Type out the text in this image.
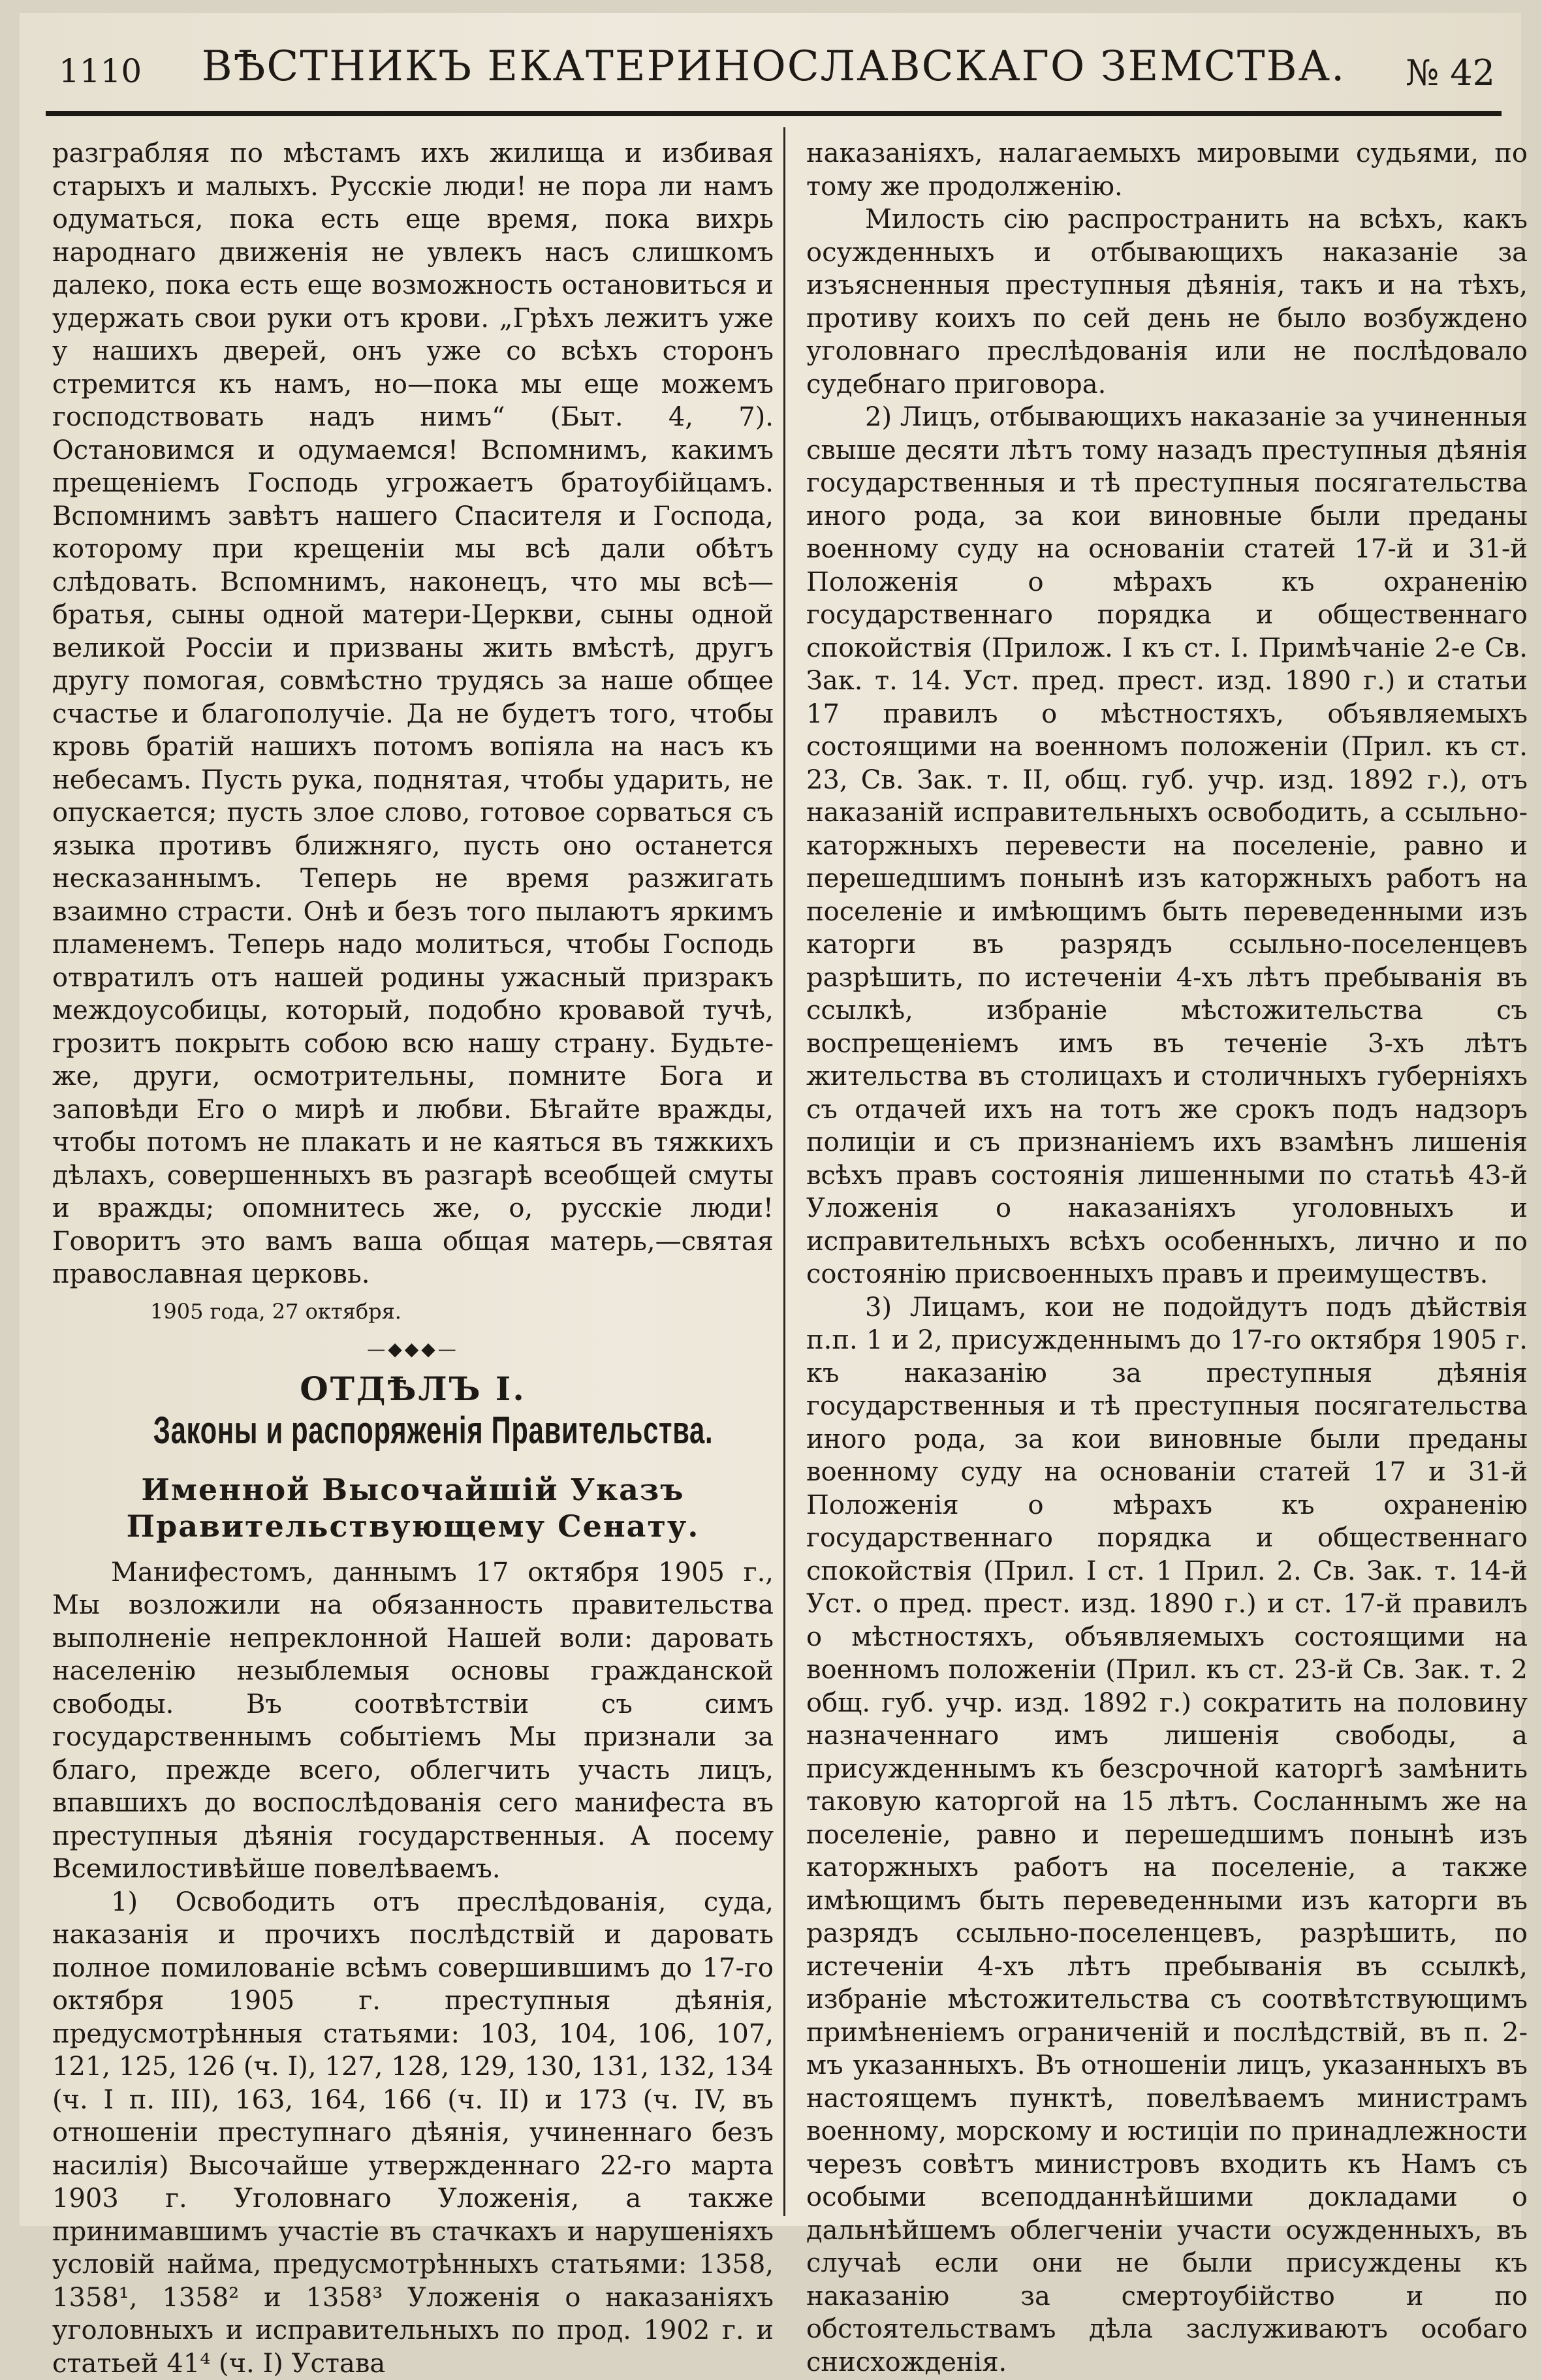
1110	ВѢСТНИКЪ ЕКАТЕРИНОСЛАВСКАГО ЗЕМСТВА.	№ 42

разграбляя по мѣстамъ ихъ жилища и избивая старыхъ и малыхъ. Русскіе люди! не пора ли намъ одуматься, пока есть еще время, пока вихрь народнаго движенія не увлекъ насъ слишкомъ далеко, пока есть еще возможность остановиться и удержать свои руки отъ крови. „Грѣхъ лежитъ уже у нашихъ дверей, онъ уже со всѣхъ сторонъ стремится къ намъ, но—пока мы еще можемъ господствовать надъ нимъ“ (Быт. 4, 7). Остановимся и одумаемся! Вспомнимъ, какимъ прещеніемъ Господь угрожаетъ братоубійцамъ. Вспомнимъ завѣтъ нашего Спасителя и Господа, которому при крещеніи мы всѣ дали обѣтъ слѣдовать. Вспомнимъ, наконецъ, что мы всѣ—братья, сыны одной матери-Церкви, сыны одной великой Россіи и призваны жить вмѣстѣ, другъ другу помогая, совмѣстно трудясь за наше общее счастье и благополучіе. Да не будетъ того, чтобы кровь братій нашихъ потомъ вопіяла на насъ къ небесамъ. Пусть рука, поднятая, чтобы ударить, не опускается; пусть злое слово, готовое сорваться съ языка противъ ближняго, пусть оно останется несказаннымъ. Теперь не время разжигать взаимно страсти. Онѣ и безъ того пылаютъ яркимъ пламенемъ. Теперь надо молиться, чтобы Господь отвратилъ отъ нашей родины ужасный призракъ междоусобицы, который, подобно кровавой тучѣ, грозитъ покрыть собою всю нашу страну. Будьте-же, други, осмотрительны, помните Бога и заповѣди Его о мирѣ и любви. Бѣгайте вражды, чтобы потомъ не плакать и не каяться въ тяжкихъ дѣлахъ, совершенныхъ въ разгарѣ всеобщей смуты и вражды; опомнитесь же, о, русскіе люди! Говоритъ это вамъ ваша общая матерь,—святая православная церковь.

1905 года, 27 октября.

—◆◆◆—

ОТДѢЛЪ I.

Законы и распоряженія Правительства.

Именной Высочайшій Указъ Правительствующему Сенату.

Манифестомъ, даннымъ 17 октября 1905 г., Мы возложили на обязанность правительства выполненіе непреклонной Нашей воли: даровать населенію незыблемыя основы гражданской свободы. Въ соотвѣтствіи съ симъ государственнымъ событіемъ Мы признали за благо, прежде всего, облегчить участь лицъ, впавшихъ до воспослѣдованія сего манифеста въ преступныя дѣянія государственныя. А посему Всемилостивѣйше повелѣваемъ.

1) Освободить отъ преслѣдованія, суда, наказанія и прочихъ послѣдствій и даровать полное помилованіе всѣмъ совершившимъ до 17-го октября 1905 г. преступныя дѣянія, предусмотрѣнныя статьями: 103, 104, 106, 107, 121, 125, 126 (ч. I), 127, 128, 129, 130, 131, 132, 134 (ч. I п. III), 163, 164, 166 (ч. II) и 173 (ч. IV, въ отношеніи преступнаго дѣянія, учиненнаго безъ насилія) Высочайше утвержденнаго 22-го марта 1903 г. Уголовнаго Уложенія, а также принимавшимъ участіе въ стачкахъ и нарушеніяхъ условій найма, предусмотрѣнныхъ статьями: 1358, 1358¹, 1358² и 1358³ Уложенія о наказаніяхъ уголовныхъ и исправительныхъ по прод. 1902 г. и статьей 41⁴ (ч. I) Устава

наказаніяхъ, налагаемыхъ мировыми судьями, по тому же продолженію.

Милость сію распространить на всѣхъ, какъ осужденныхъ и отбывающихъ наказаніе за изъясненныя преступныя дѣянія, такъ и на тѣхъ, противу коихъ по сей день не было возбуждено уголовнаго преслѣдованія или не послѣдовало судебнаго приговора.

2) Лицъ, отбывающихъ наказаніе за учиненныя свыше десяти лѣтъ тому назадъ преступныя дѣянія государственныя и тѣ преступныя посягательства иного рода, за кои виновные были преданы военному суду на основаніи статей 17-й и 31-й Положенія о мѣрахъ къ охраненію государственнаго порядка и общественнаго спокойствія (Прилож. I къ ст. I. Примѣчаніе 2-е Св. Зак. т. 14. Уст. пред. прест. изд. 1890 г.) и статьи 17 правилъ о мѣстностяхъ, объявляемыхъ состоящими на военномъ положеніи (Прил. къ ст. 23, Св. Зак. т. II, общ. губ. учр. изд. 1892 г.), отъ наказаній исправительныхъ освободить, а ссыльно-каторжныхъ перевести на поселеніе, равно и перешедшимъ понынѣ изъ каторжныхъ работъ на поселеніе и имѣющимъ быть переведенными изъ каторги въ разрядъ ссыльно-поселенцевъ разрѣшить, по истеченіи 4-хъ лѣтъ пребыванія въ ссылкѣ, избраніе мѣстожительства съ воспрещеніемъ имъ въ теченіе 3-хъ лѣтъ жительства въ столицахъ и столичныхъ губерніяхъ съ отдачей ихъ на тотъ же срокъ подъ надзоръ полиціи и съ признаніемъ ихъ взамѣнъ лишенія всѣхъ правъ состоянія лишенными по статьѣ 43-й Уложенія о наказаніяхъ уголовныхъ и исправительныхъ всѣхъ особенныхъ, лично и по состоянію присвоенныхъ правъ и преимуществъ.

3) Лицамъ, кои не подойдутъ подъ дѣйствія п.п. 1 и 2, присужденнымъ до 17-го октября 1905 г. къ наказанію за преступныя дѣянія государственныя и тѣ преступныя посягательства иного рода, за кои виновные были преданы военному суду на основаніи статей 17 и 31-й Положенія о мѣрахъ къ охраненію государственнаго порядка и общественнаго спокойствія (Прил. I ст. 1 Прил. 2. Св. Зак. т. 14-й Уст. о пред. прест. изд. 1890 г.) и ст. 17-й правилъ о мѣстностяхъ, объявляемыхъ состоящими на военномъ положеніи (Прил. къ ст. 23-й Св. Зак. т. 2 общ. губ. учр. изд. 1892 г.) сократить на половину назначеннаго имъ лишенія свободы, а присужденнымъ къ безсрочной каторгѣ замѣнить таковую каторгой на 15 лѣтъ. Сосланнымъ же на поселеніе, равно и перешедшимъ понынѣ изъ каторжныхъ работъ на поселеніе, а также имѣющимъ быть переведенными изъ каторги въ разрядъ ссыльно-поселенцевъ, разрѣшить, по истеченіи 4-хъ лѣтъ пребыванія въ ссылкѣ, избраніе мѣстожительства съ соотвѣтствующимъ примѣненіемъ ограниченій и послѣдствій, въ п. 2-мъ указанныхъ. Въ отношеніи лицъ, указанныхъ въ настоящемъ пунктѣ, повелѣваемъ министрамъ военному, морскому и юстиціи по принадлежности черезъ совѣтъ министровъ входить къ Намъ съ особыми всеподданнѣйшими докладами о дальнѣйшемъ облегченіи участи осужденныхъ, въ случаѣ если они не были присуждены къ наказанію за смертоубійство и по обстоятельствамъ дѣла заслуживаютъ особаго снисхожденія.
